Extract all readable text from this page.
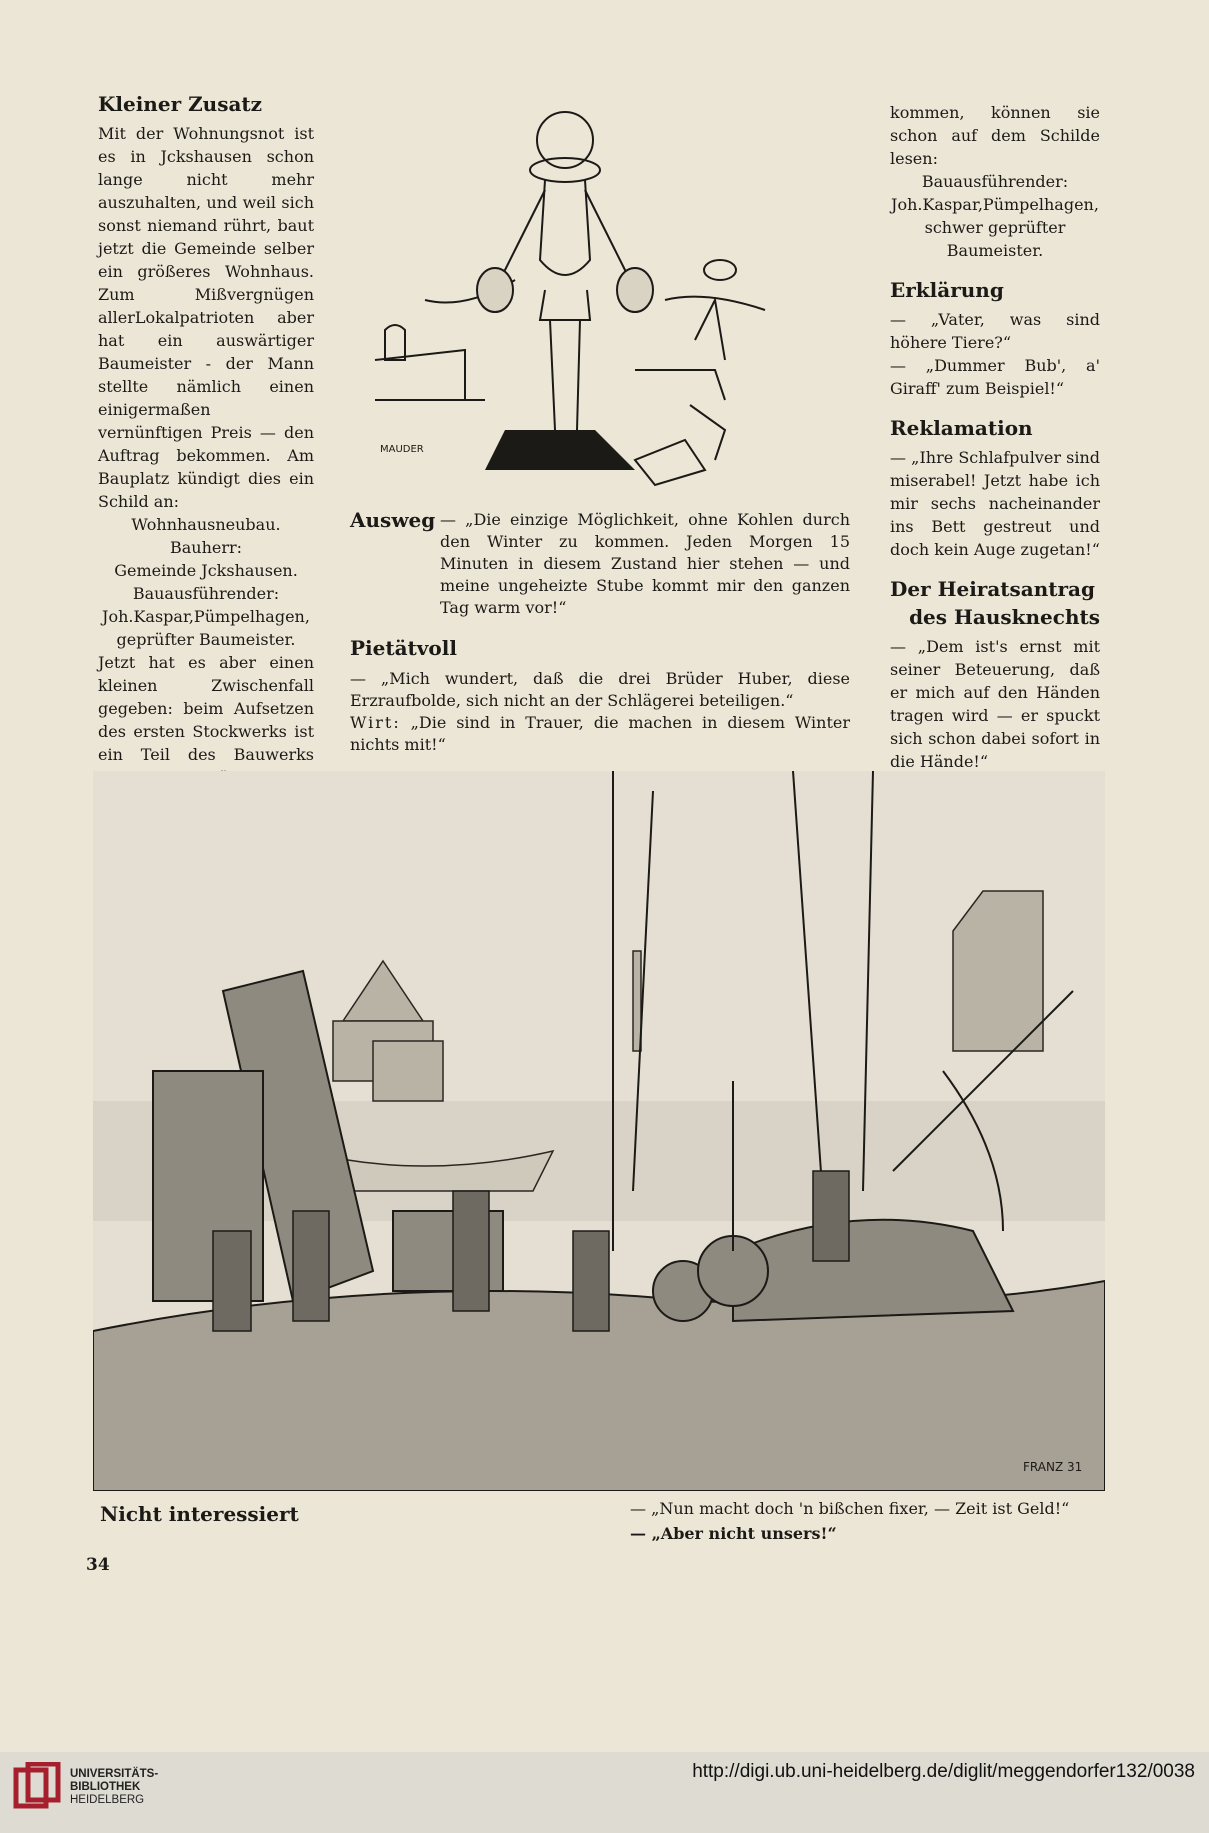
Kleiner Zusatz

Mit der Wohnungsnot ist es in Jckshausen schon lange nicht mehr auszuhalten, und weil sich sonst niemand rührt, baut jetzt die Gemeinde selber ein größeres Wohnhaus. Zum Mißvergnügen allerLokalpatrioten aber hat ein auswärtiger Baumeister - der Mann stellte nämlich einen einigermaßen vernünftigen Preis — den Auftrag bekommen. Am Bauplatz kündigt dies ein Schild an:

Wohnhausneubau.

Bauherr:

Gemeinde Jckshausen.

Bauausführender:

Joh.Kaspar,Pümpelhagen,

geprüfter Baumeister.

Jetzt hat es aber einen kleinen Zwischenfall gegeben: beim Aufsetzen des ersten Stockwerks ist ein Teil des Bauwerks

MAUDER
Ausweg — „Die einzige Möglichkeit, ohne Kohlen durch den Winter zu kommen. Jeden Morgen 15 Minuten in diesem Zustand hier stehen — und meine ungeheizte Stube kommt mir den ganzen Tag warm vor!“

Pietätvoll

— „Mich wundert, daß die drei Brüder Huber, diese Erzraufbolde, sich nicht an der Schlägerei beteiligen.“

Wirt: „Die sind in Trauer, die machen in diesem Winter nichts mit!“

kommen, können sie schon auf dem Schilde lesen:

Bauausführender:

Joh.Kaspar,Pümpelhagen,

schwer geprüfter Baumeister.

Erklärung

— „Vater, was sind höhere Tiere?“

— „Dummer Bub', a' Giraff' zum Beispiel!“

Reklamation

— „Ihre Schlafpulver sind miserabel! Jetzt habe ich mir sechs nacheinander ins Bett gestreut und doch kein Auge zugetan!“

Der Heiratsantrag
des Hausknechts

— „Dem ist's ernst mit seiner Beteuerung, daß er mich auf den Händen tragen wird — er spuckt sich schon dabei sofort in die Hände!“

FRANZ 31
Nicht interessiert	— „Nun macht doch 'n bißchen fixer, — Zeit ist Geld!“
— „Aber nicht unsers!“
34
UNIVERSITÄTS-
BIBLIOTHEK
HEIDELBERG
http://digi.ub.uni-heidelberg.de/diglit/meggendorfer132/0038
